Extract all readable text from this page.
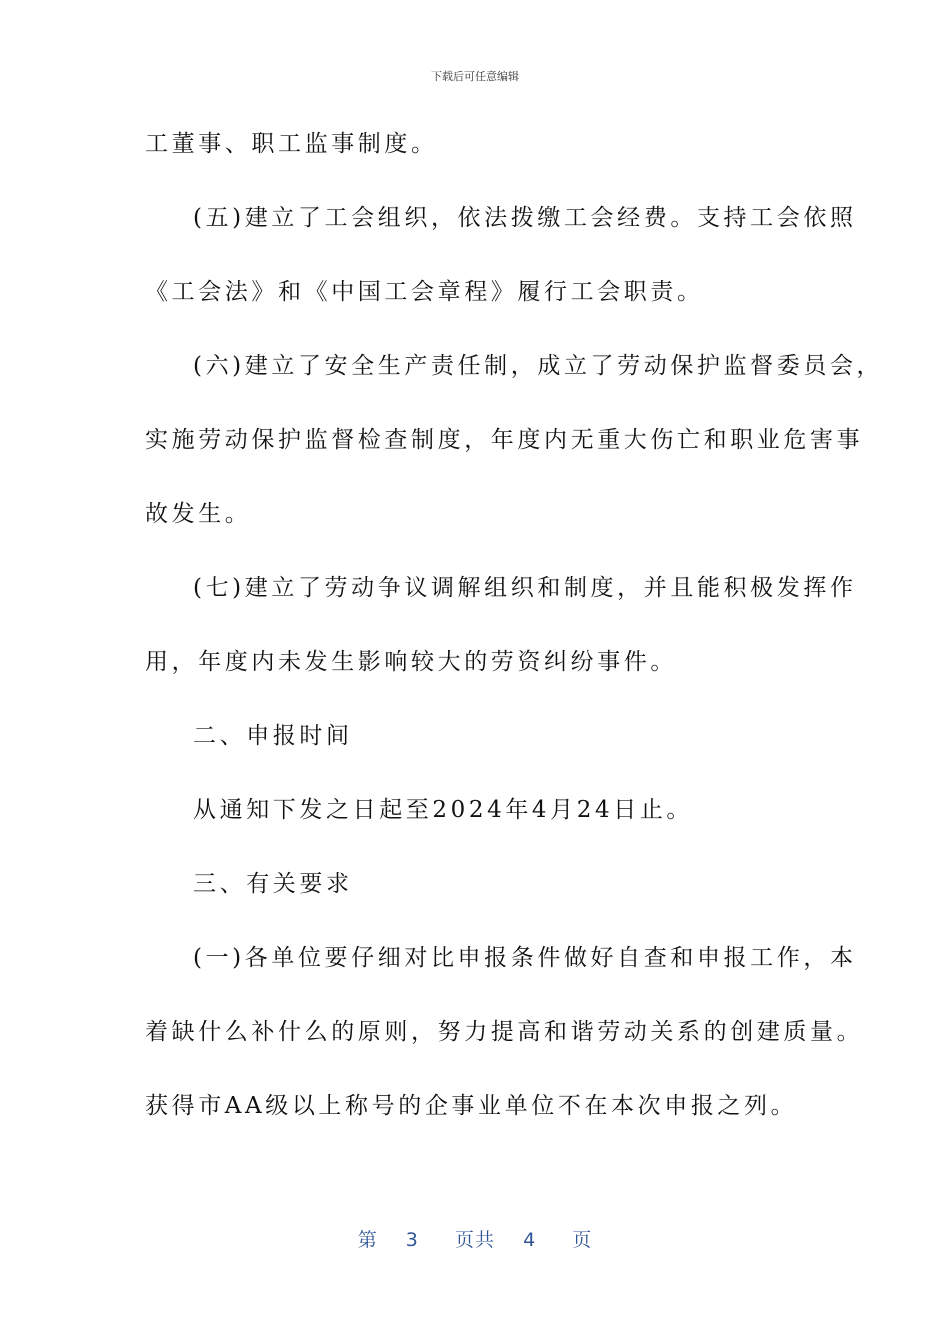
下载后可任意编辑
工董事、职工监事制度。
(五)建立了工会组织，依法拨缴工会经费。支持工会依照
《工会法》和《中国工会章程》履行工会职责。
(六)建立了安全生产责任制，成立了劳动保护监督委员会，
实施劳动保护监督检查制度，年度内无重大伤亡和职业危害事
故发生。
(七)建立了劳动争议调解组织和制度，并且能积极发挥作
用，年度内未发生影响较大的劳资纠纷事件。
二、申报时间
从通知下发之日起至2024年4月24日止。
三、有关要求
(一)各单位要仔细对比申报条件做好自查和申报工作，本
着缺什么补什么的原则，努力提高和谐劳动关系的创建质量。
获得市AA级以上称号的企事业单位不在本次申报之列。
第 3 页共 4 页
